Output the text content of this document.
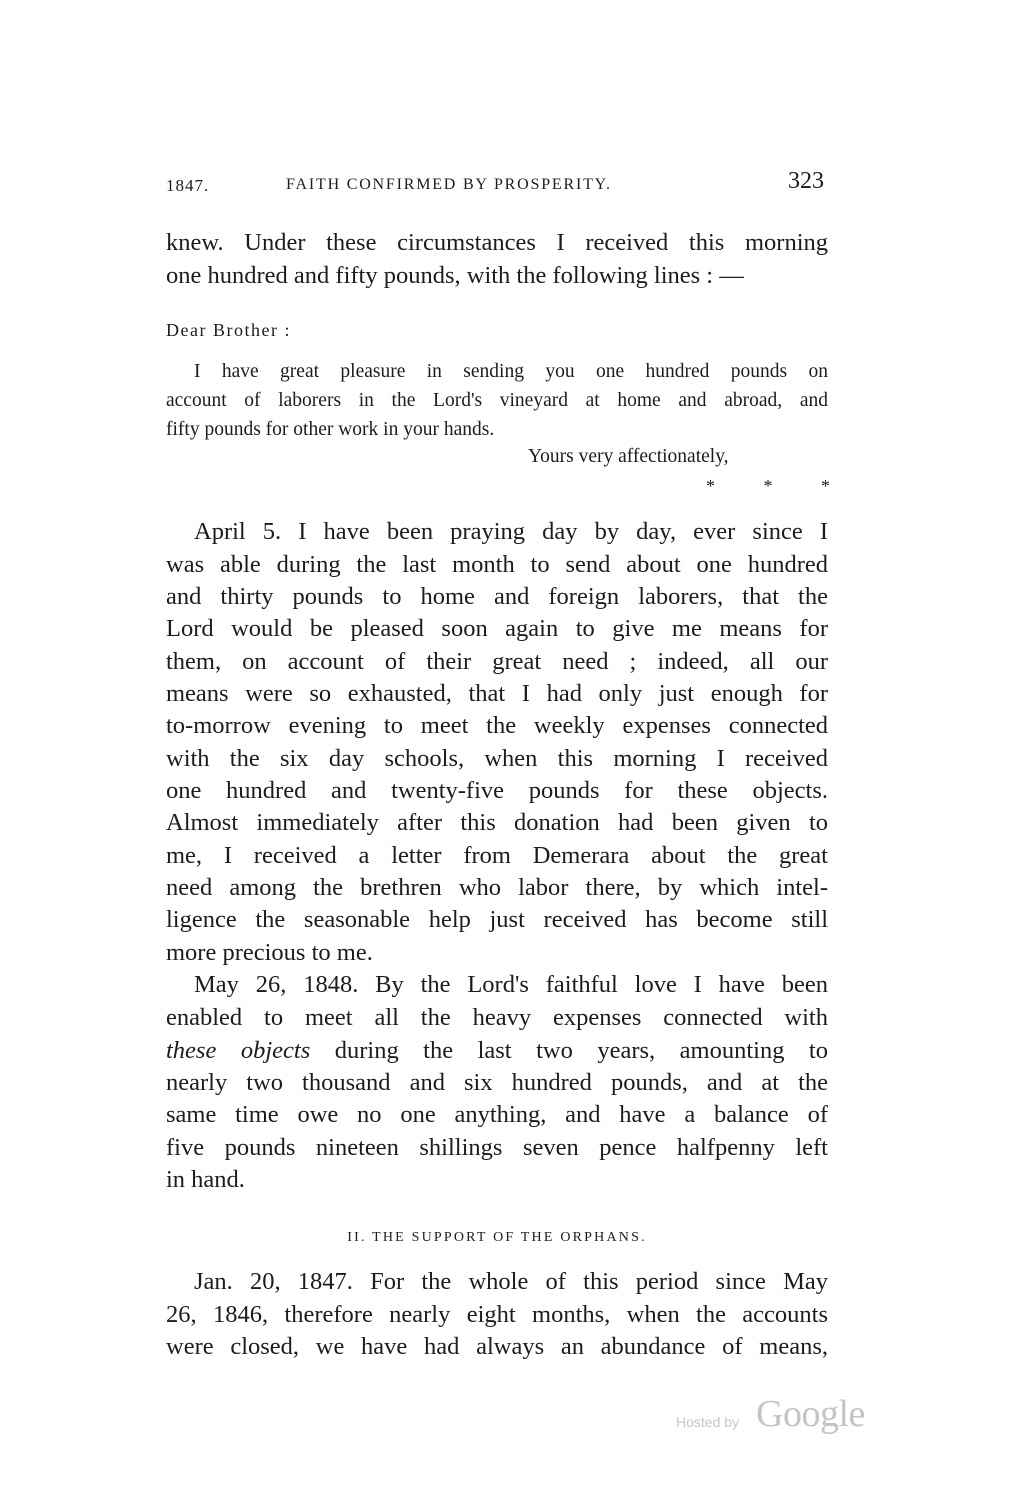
1847.	FAITH CONFIRMED BY PROSPERITY.	323
knew. Under these circumstances I received this morning
one hundred and fifty pounds, with the following lines : —
Dear Brother :
I have great pleasure in sending you one hundred pounds on
account of laborers in the Lord's vineyard at home and abroad, and
fifty pounds for other work in your hands.
Yours very affectionately,
* * *
April 5. I have been praying day by day, ever since I
was able during the last month to send about one hundred
and thirty pounds to home and foreign laborers, that the
Lord would be pleased soon again to give me means for
them, on account of their great need ; indeed, all our
means were so exhausted, that I had only just enough for
to-morrow evening to meet the weekly expenses connected
with the six day schools, when this morning I received
one hundred and twenty-five pounds for these objects.
Almost immediately after this donation had been given to
me, I received a letter from Demerara about the great
need among the brethren who labor there, by which intel-
ligence the seasonable help just received has become still
more precious to me.
May 26, 1848. By the Lord's faithful love I have been
enabled to meet all the heavy expenses connected with
these objects during the last two years, amounting to
nearly two thousand and six hundred pounds, and at the
same time owe no one anything, and have a balance of
five pounds nineteen shillings seven pence halfpenny left
in hand.
II. THE SUPPORT OF THE ORPHANS.
Jan. 20, 1847. For the whole of this period since May
26, 1846, therefore nearly eight months, when the accounts
were closed, we have had always an abundance of means,
Hosted by Google
